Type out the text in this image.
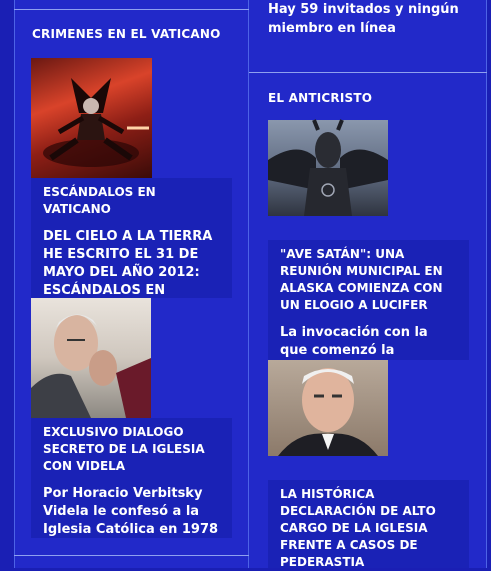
Hay 59 invitados y ningún miembro en línea
CRIMENES EN EL VATICANO

ESCÁNDALOS EN VATICANO

DEL CIELO A LA TIERRA HE ESCRITO EL 31 DE MAYO DEL AÑO 2012: ESCÁNDALOS EN

EXCLUSIVO DIALOGO SECRETO DE LA IGLESIA CON VIDELA

Por Horacio Verbitsky Videla le confesó a la Iglesia Católica en 1978

EL ANTICRISTO

"AVE SATÁN": UNA REUNIÓN MUNICIPAL EN ALASKA COMIENZA CON UN ELOGIO A LUCIFER

La invocación con la que comenzó la

LA HISTÓRICA DECLARACIÓN DE ALTO CARGO DE LA IGLESIA FRENTE A CASOS DE PEDERASTIA
